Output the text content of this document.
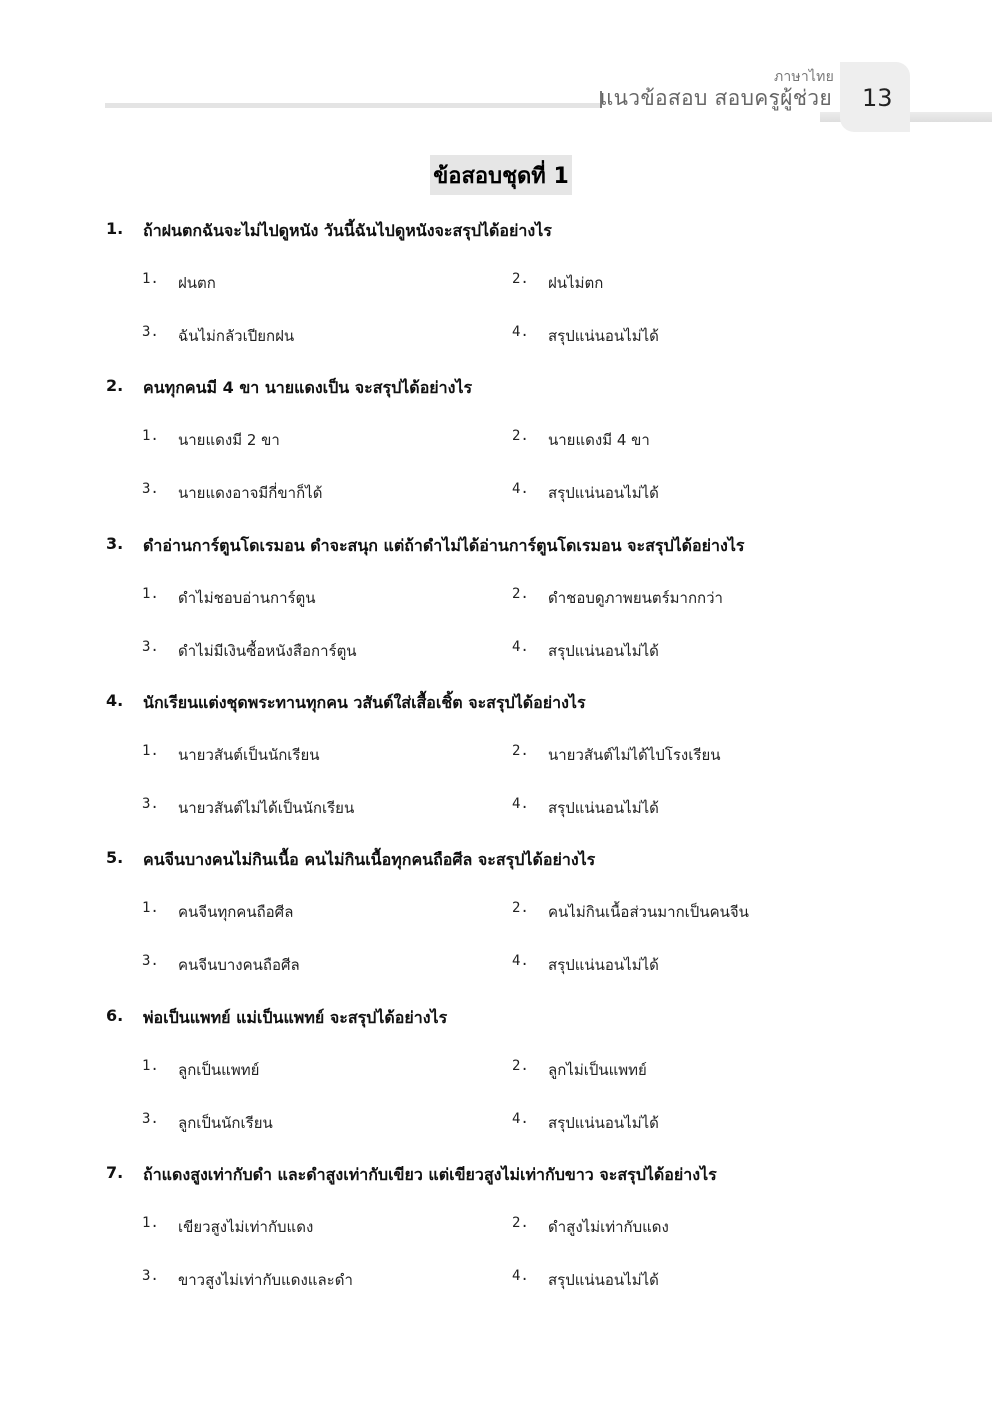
ภาษาไทย
แนวข้อสอบ สอบครูผู้ช่วย 13
ข้อสอบชุดที่ 1
1. ถ้าฝนตกฉันจะไม่ไปดูหนัง วันนี้ฉันไปดูหนังจะสรุปได้อย่างไร
1. ฝนตก	2. ฝนไม่ตก
3. ฉันไม่กลัวเปียกฝน	4. สรุปแน่นอนไม่ได้
2. คนทุกคนมี 4 ขา นายแดงเป็น จะสรุปได้อย่างไร
1. นายแดงมี 2 ขา	2. นายแดงมี 4 ขา
3. นายแดงอาจมีกี่ขาก็ได้	4. สรุปแน่นอนไม่ได้
3. ดำอ่านการ์ตูนโดเรมอน ดำจะสนุก แต่ถ้าดำไม่ได้อ่านการ์ตูนโดเรมอน จะสรุปได้อย่างไร
1. ดำไม่ชอบอ่านการ์ตูน	2. ดำชอบดูภาพยนตร์มากกว่า
3. ดำไม่มีเงินซื้อหนังสือการ์ตูน	4. สรุปแน่นอนไม่ได้
4. นักเรียนแต่งชุดพระทานทุกคน วสันต์ใส่เสื้อเชิ้ต จะสรุปได้อย่างไร
1. นายวสันต์เป็นนักเรียน	2. นายวสันต์ไม่ได้ไปโรงเรียน
3. นายวสันต์ไม่ได้เป็นนักเรียน	4. สรุปแน่นอนไม่ได้
5. คนจีนบางคนไม่กินเนื้อ คนไม่กินเนื้อทุกคนถือศีล จะสรุปได้อย่างไร
1. คนจีนทุกคนถือศีล	2. คนไม่กินเนื้อส่วนมากเป็นคนจีน
3. คนจีนบางคนถือศีล	4. สรุปแน่นอนไม่ได้
6. พ่อเป็นแพทย์ แม่เป็นแพทย์ จะสรุปได้อย่างไร
1. ลูกเป็นแพทย์	2. ลูกไม่เป็นแพทย์
3. ลูกเป็นนักเรียน	4. สรุปแน่นอนไม่ได้
7. ถ้าแดงสูงเท่ากับดำ และดำสูงเท่ากับเขียว แต่เขียวสูงไม่เท่ากับขาว จะสรุปได้อย่างไร
1. เขียวสูงไม่เท่ากับแดง	2. ดำสูงไม่เท่ากับแดง
3. ขาวสูงไม่เท่ากับแดงและดำ	4. สรุปแน่นอนไม่ได้
